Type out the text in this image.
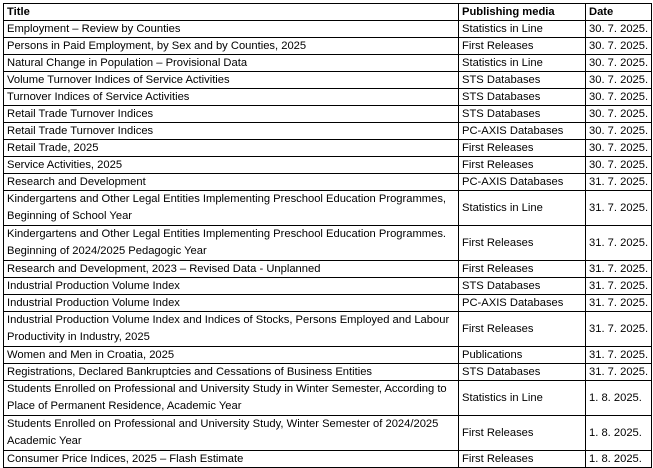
Title	Publishing media	Date
Employment – Review by Counties	Statistics in Line	30. 7. 2025.
Persons in Paid Employment, by Sex and by Counties, 2025	First Releases	30. 7. 2025.
Natural Change in Population – Provisional Data	Statistics in Line	30. 7. 2025.
Volume Turnover Indices of Service Activities	STS Databases	30. 7. 2025.
Turnover Indices of Service Activities	STS Databases	30. 7. 2025.
Retail Trade Turnover Indices	STS Databases	30. 7. 2025.
Retail Trade Turnover Indices	PC-AXIS Databases	30. 7. 2025.
Retail Trade, 2025	First Releases	30. 7. 2025.
Service Activities, 2025	First Releases	30. 7. 2025.
Research and Development	PC-AXIS Databases	31. 7. 2025.
Kindergartens and Other Legal Entities Implementing Preschool Education Programmes, Beginning of School Year	Statistics in Line	31. 7. 2025.
Kindergartens and Other Legal Entities Implementing Preschool Education Programmes. Beginning of 2024/2025 Pedagogic Year	First Releases	31. 7. 2025.
Research and Development, 2023 – Revised Data - Unplanned	First Releases	31. 7. 2025.
Industrial Production Volume Index	STS Databases	31. 7. 2025.
Industrial Production Volume Index	PC-AXIS Databases	31. 7. 2025.
Industrial Production Volume Index and Indices of Stocks, Persons Employed and Labour Productivity in Industry, 2025	First Releases	31. 7. 2025.
Women and Men in Croatia, 2025	Publications	31. 7. 2025.
Registrations, Declared Bankruptcies and Cessations of Business Entities	STS Databases	31. 7. 2025.
Students Enrolled on Professional and University Study in Winter Semester, According to Place of Permanent Residence, Academic Year	Statistics in Line	1. 8. 2025.
Students Enrolled on Professional and University Study, Winter Semester of 2024/2025 Academic Year	First Releases	1. 8. 2025.
Consumer Price Indices, 2025 – Flash Estimate	First Releases	1. 8. 2025.
